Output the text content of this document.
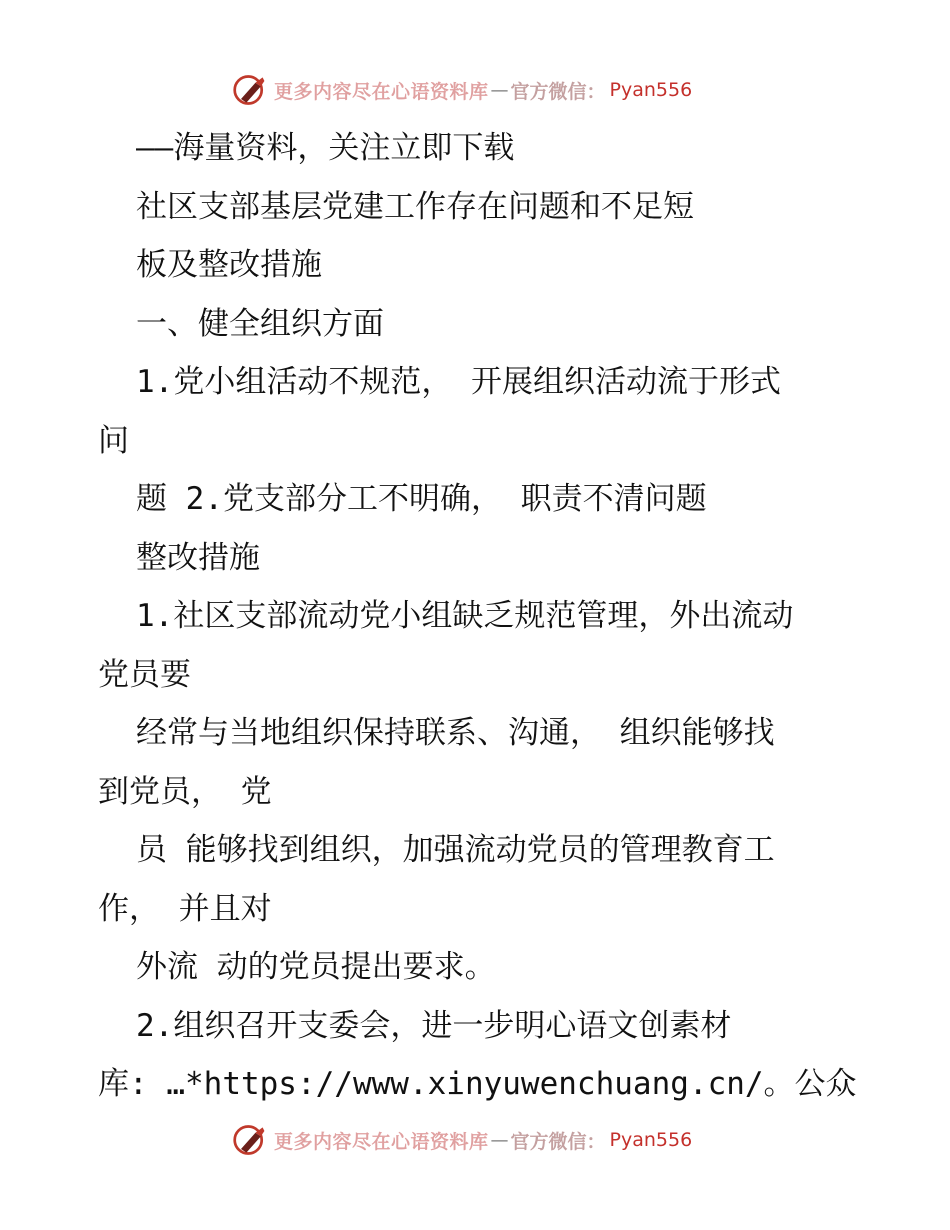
更多内容尽在心语资料库 — 官方微信： Pyan556
——海量资料，关注立即下载
社区支部基层党建工作存在问题和不足短
板及整改措施
一、健全组织方面
1.党小组活动不规范， 开展组织活动流于形式
问
题 2.党支部分工不明确， 职责不清问题
整改措施
1.社区支部流动党小组缺乏规范管理，外出流动
党员要
经常与当地组织保持联系、沟通， 组织能够找
到党员， 党
员 能够找到组织，加强流动党员的管理教育工
作， 并且对
外流 动的党员提出要求。
2.组织召开支委会，进一步明心语文创素材
库: …*https://www.xinyuwenchuang.cn/。公众
更多内容尽在心语资料库 — 官方微信： Pyan556
